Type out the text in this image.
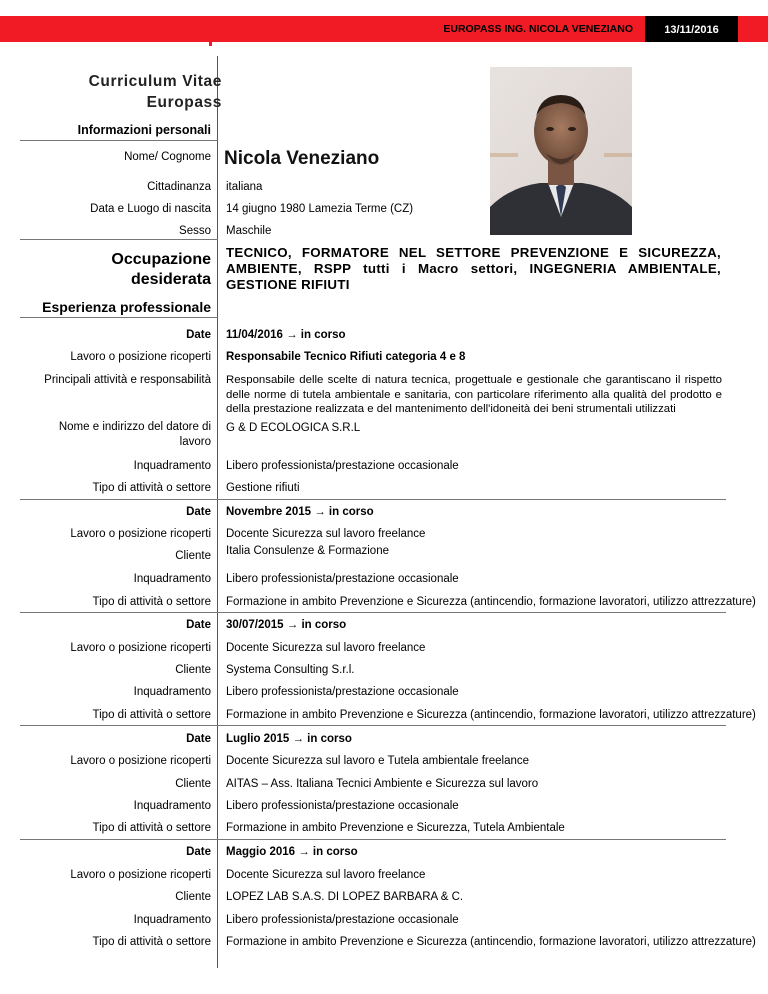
EUROPASS ING. NICOLA VENEZIANO	13/11/2016
Curriculum Vitae
Europass
Informazioni personali
Nome/ Cognome Nicola Veneziano
Cittadinanza italiana
Data e Luogo di nascita 14 giugno 1980 Lamezia Terme (CZ)
Sesso Maschile
Occupazione
desiderata
TECNICO, FORMATORE NEL SETTORE PREVENZIONE E SICUREZZA, AMBIENTE, RSPP tutti i Macro settori, INGEGNERIA AMBIENTALE, GESTIONE RIFIUTI
Esperienza professionale
Date 11/04/2016 → in corso
Lavoro o posizione ricoperti Responsabile Tecnico Rifiuti categoria 4 e 8
Principali attività e responsabilità Responsabile delle scelte di natura tecnica, progettuale e gestionale che garantiscano il rispetto delle norme di tutela ambientale e sanitaria, con particolare riferimento alla qualità del prodotto e della prestazione realizzata e del mantenimento dell'idoneità dei beni strumentali utilizzati
Nome e indirizzo del datore di
lavoro
G & D ECOLOGICA S.R.L
Inquadramento Libero professionista/prestazione occasionale
Tipo di attività o settore Gestione rifiuti
Date Novembre 2015 → in corso
Lavoro o posizione ricoperti Docente Sicurezza sul lavoro freelance
Cliente Italia Consulenze & Formazione
Inquadramento Libero professionista/prestazione occasionale
Tipo di attività o settore Formazione in ambito Prevenzione e Sicurezza (antincendio, formazione lavoratori, utilizzo attrezzature)
Date 30/07/2015 → in corso
Lavoro o posizione ricoperti Docente Sicurezza sul lavoro freelance
Cliente Systema Consulting S.r.l.
Inquadramento Libero professionista/prestazione occasionale
Tipo di attività o settore Formazione in ambito Prevenzione e Sicurezza (antincendio, formazione lavoratori, utilizzo attrezzature)
Date Luglio 2015 → in corso
Lavoro o posizione ricoperti Docente Sicurezza sul lavoro e Tutela ambientale freelance
Cliente AITAS – Ass. Italiana Tecnici Ambiente e Sicurezza sul lavoro
Inquadramento Libero professionista/prestazione occasionale
Tipo di attività o settore Formazione in ambito Prevenzione e Sicurezza, Tutela Ambientale
Date Maggio 2016 → in corso
Lavoro o posizione ricoperti Docente Sicurezza sul lavoro freelance
Cliente LOPEZ LAB S.A.S. DI LOPEZ BARBARA & C.
Inquadramento Libero professionista/prestazione occasionale
Tipo di attività o settore Formazione in ambito Prevenzione e Sicurezza (antincendio, formazione lavoratori, utilizzo attrezzature)
